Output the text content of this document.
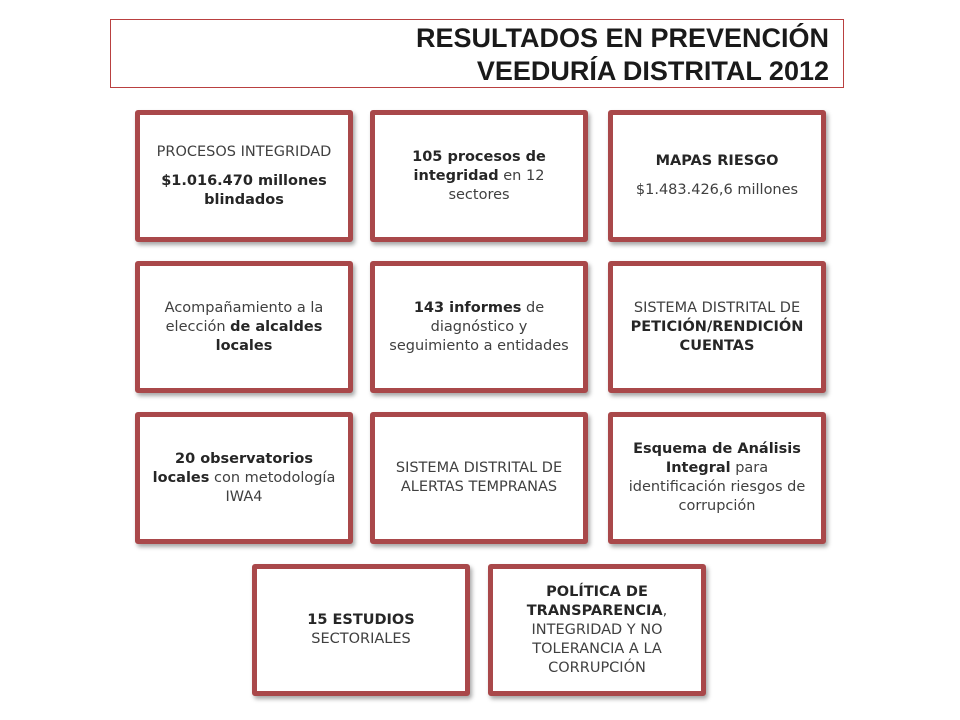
RESULTADOS EN PREVENCIÓN
VEEDURÍA DISTRITAL 2012
PROCESOS INTEGRIDAD
$1.016.470 millones blindados
105 procesos de integridad en 12 sectores
MAPAS RIESGO
$1.483.426,6 millones
Acompañamiento a la elección de alcaldes locales
143 informes de diagnóstico y seguimiento a entidades
SISTEMA DISTRITAL DE PETICIÓN/RENDICIÓN CUENTAS
20 observatorios locales con metodología IWA4
SISTEMA DISTRITAL DE ALERTAS TEMPRANAS
Esquema de Análisis Integral para identificación riesgos de corrupción
15 ESTUDIOS SECTORIALES
POLÍTICA DE TRANSPARENCIA, INTEGRIDAD Y NO TOLERANCIA A LA CORRUPCIÓN
